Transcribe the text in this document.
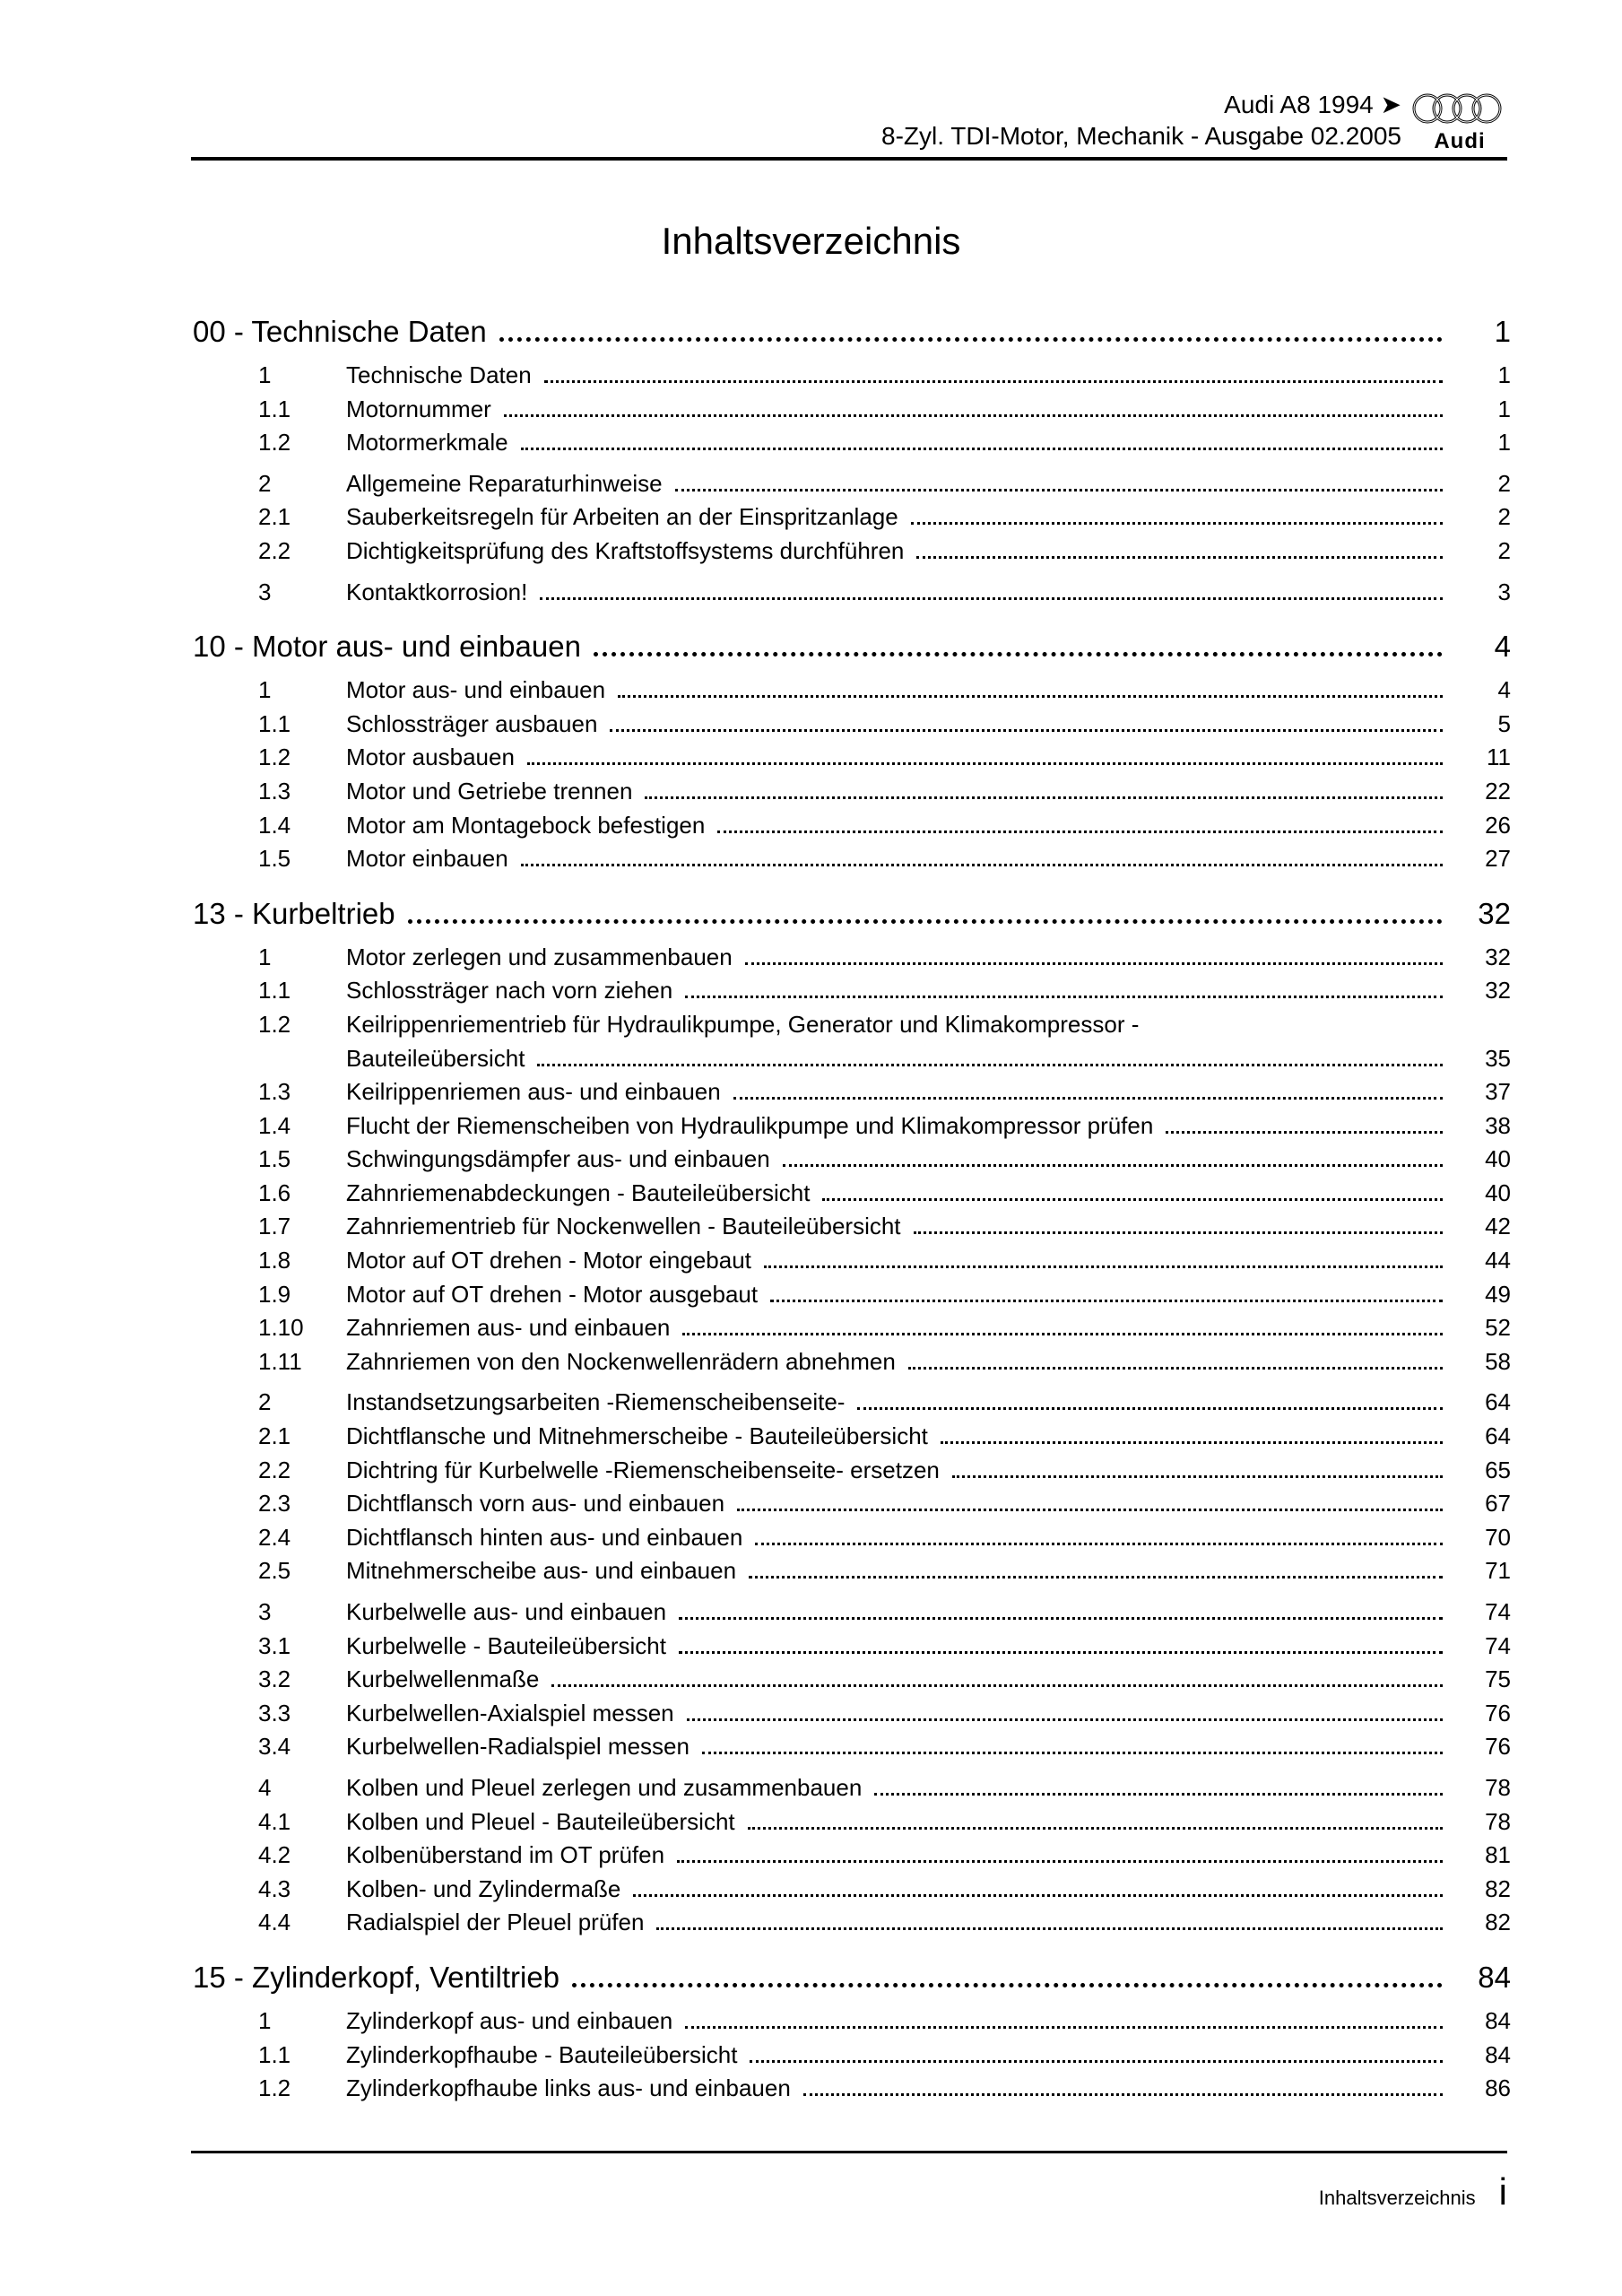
Audi A8 1994 ➤
8-Zyl. TDI-Motor, Mechanik - Ausgabe 02.2005	Audi
Inhaltsverzeichnis
00 - Technische Daten	1
1	Technische Daten	1
1.1	Motornummer	1
1.2	Motormerkmale	1
2	Allgemeine Reparaturhinweise	2
2.1	Sauberkeitsregeln für Arbeiten an der Einspritzanlage	2
2.2	Dichtigkeitsprüfung des Kraftstoffsystems durchführen	2
3	Kontaktkorrosion!	3
10 - Motor aus- und einbauen	4
1	Motor aus- und einbauen	4
1.1	Schlossträger ausbauen	5
1.2	Motor ausbauen	11
1.3	Motor und Getriebe trennen	22
1.4	Motor am Montagebock befestigen	26
1.5	Motor einbauen	27
13 - Kurbeltrieb	32
1	Motor zerlegen und zusammenbauen	32
1.1	Schlossträger nach vorn ziehen	32
1.2	Keilrippenriementrieb für Hydraulikpumpe, Generator und Klimakompressor -
Bauteileübersicht	35
1.3	Keilrippenriemen aus- und einbauen	37
1.4	Flucht der Riemenscheiben von Hydraulikpumpe und Klimakompressor prüfen	38
1.5	Schwingungsdämpfer aus- und einbauen	40
1.6	Zahnriemenabdeckungen - Bauteileübersicht	40
1.7	Zahnriementrieb für Nockenwellen - Bauteileübersicht	42
1.8	Motor auf OT drehen - Motor eingebaut	44
1.9	Motor auf OT drehen - Motor ausgebaut	49
1.10	Zahnriemen aus- und einbauen	52
1.11	Zahnriemen von den Nockenwellenrädern abnehmen	58
2	Instandsetzungsarbeiten -Riemenscheibenseite-	64
2.1	Dichtflansche und Mitnehmerscheibe - Bauteileübersicht	64
2.2	Dichtring für Kurbelwelle -Riemenscheibenseite- ersetzen	65
2.3	Dichtflansch vorn aus- und einbauen	67
2.4	Dichtflansch hinten aus- und einbauen	70
2.5	Mitnehmerscheibe aus- und einbauen	71
3	Kurbelwelle aus- und einbauen	74
3.1	Kurbelwelle - Bauteileübersicht	74
3.2	Kurbelwellenmaße	75
3.3	Kurbelwellen-Axialspiel messen	76
3.4	Kurbelwellen-Radialspiel messen	76
4	Kolben und Pleuel zerlegen und zusammenbauen	78
4.1	Kolben und Pleuel - Bauteileübersicht	78
4.2	Kolbenüberstand im OT prüfen	81
4.3	Kolben- und Zylindermaße	82
4.4	Radialspiel der Pleuel prüfen	82
15 - Zylinderkopf, Ventiltrieb	84
1	Zylinderkopf aus- und einbauen	84
1.1	Zylinderkopfhaube - Bauteileübersicht	84
1.2	Zylinderkopfhaube links aus- und einbauen	86
Inhaltsverzeichnis i
